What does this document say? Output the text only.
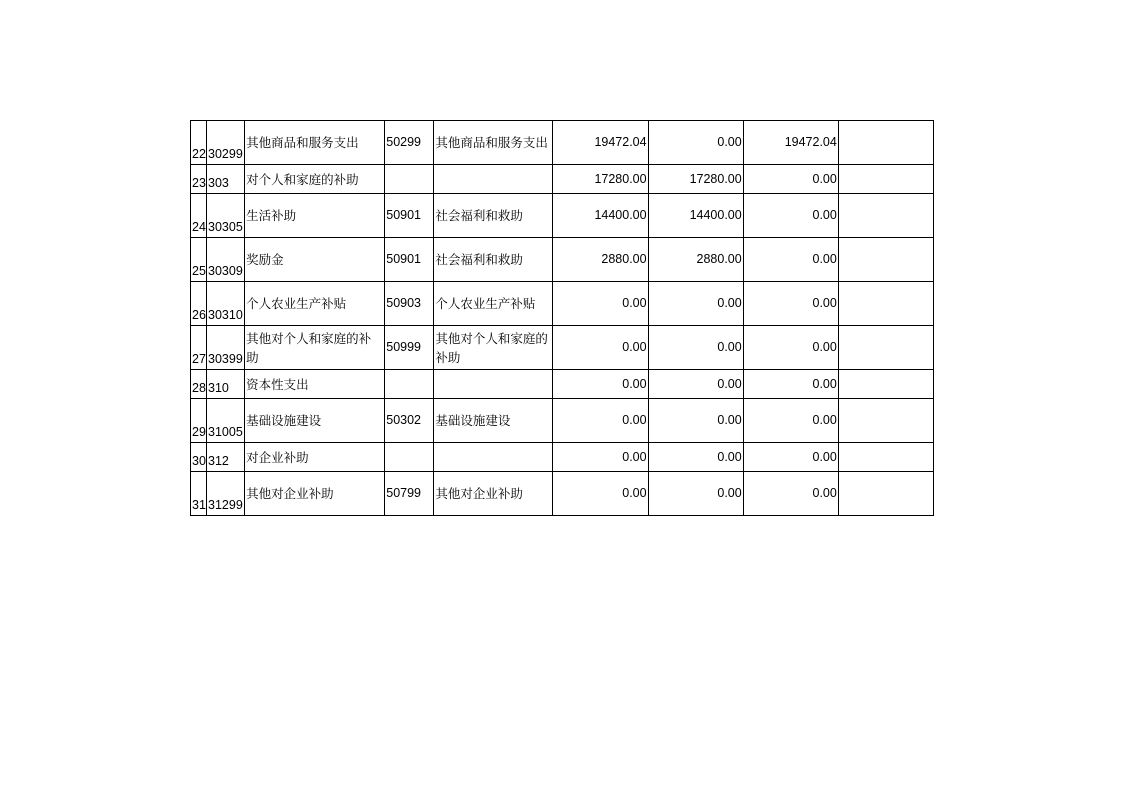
22	30299	其他商品和服务支出	50299	其他商品和服务支出	19472.04	0.00	19472.04	
23	303	对个人和家庭的补助			17280.00	17280.00	0.00	
24	30305	生活补助	50901	社会福利和救助	14400.00	14400.00	0.00	
25	30309	奖励金	50901	社会福利和救助	2880.00	2880.00	0.00	
26	30310	个人农业生产补贴	50903	个人农业生产补贴	0.00	0.00	0.00	
27	30399	其他对个人和家庭的补助	50999	其他对个人和家庭的补助	0.00	0.00	0.00	
28	310	资本性支出			0.00	0.00	0.00	
29	31005	基础设施建设	50302	基础设施建设	0.00	0.00	0.00	
30	312	对企业补助			0.00	0.00	0.00	
31	31299	其他对企业补助	50799	其他对企业补助	0.00	0.00	0.00	
